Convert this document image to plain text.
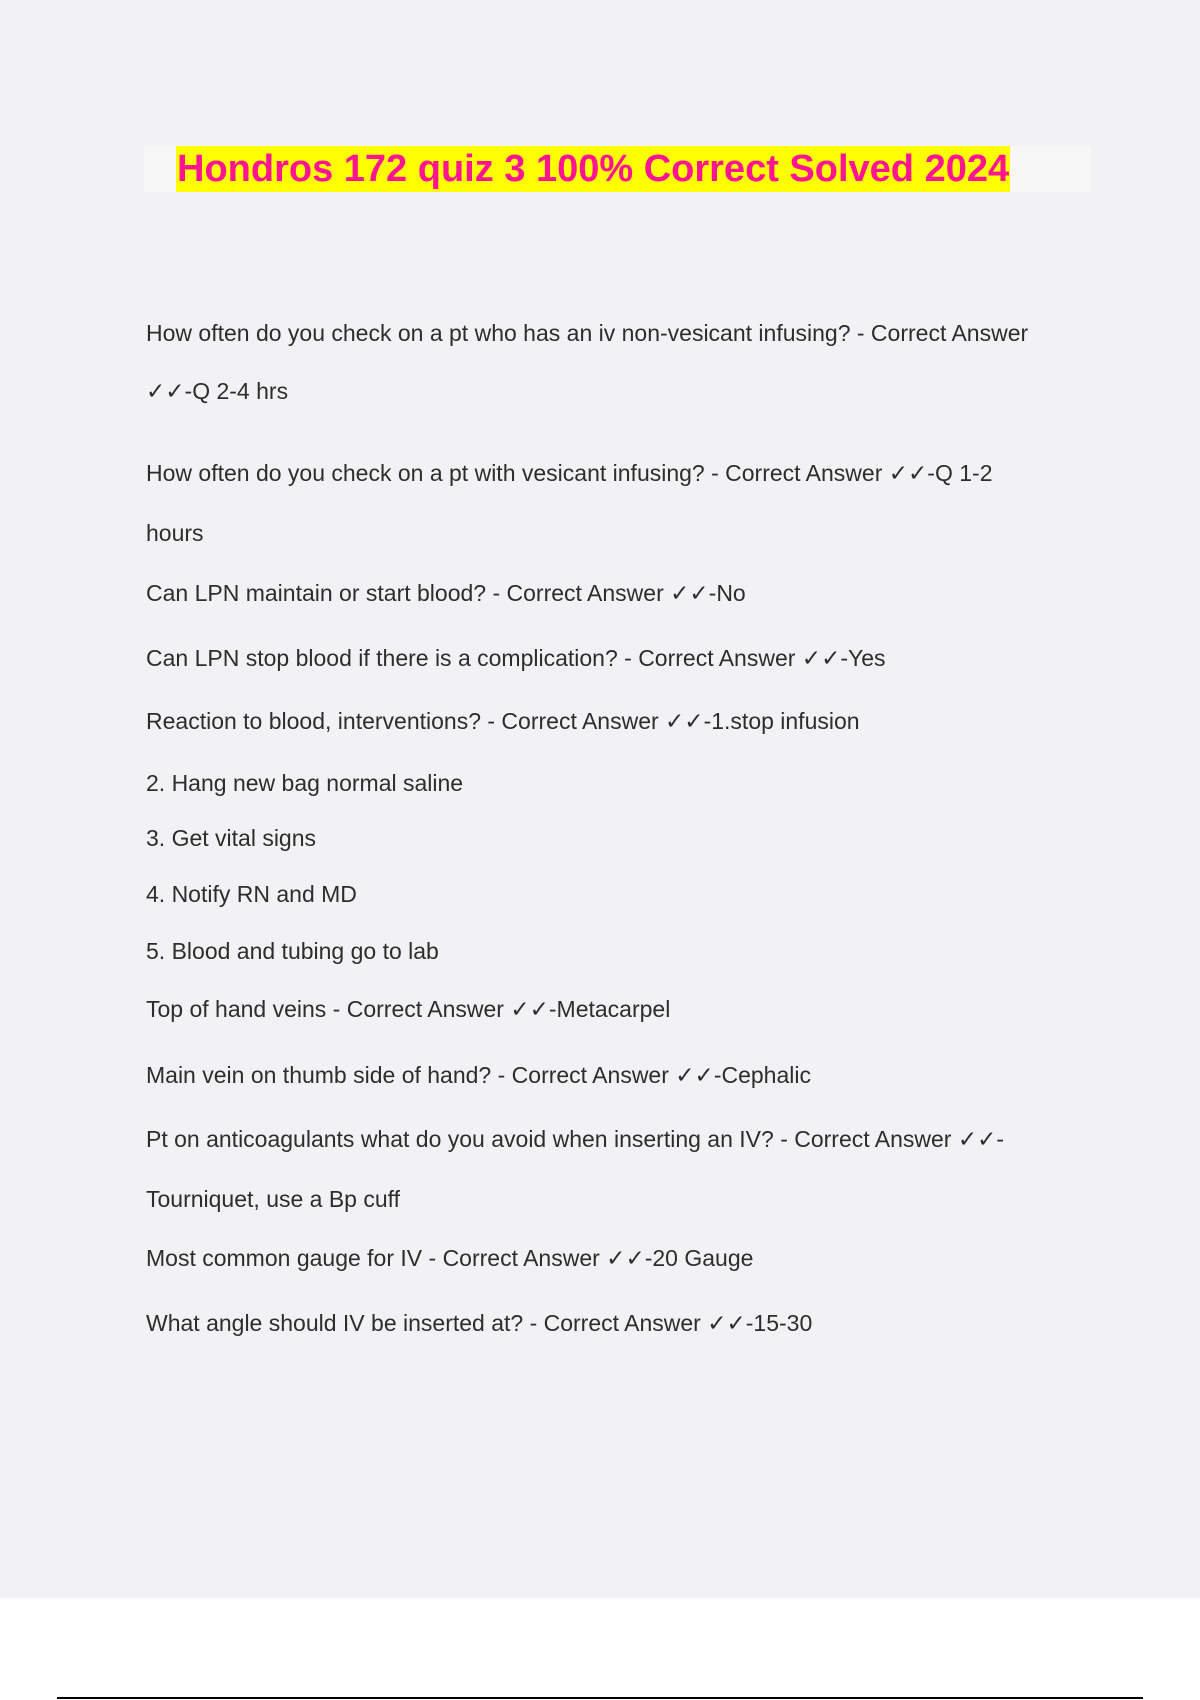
Hondros 172 quiz 3 100% Correct Solved 2024
How often do you check on a pt who has an iv non-vesicant infusing? - Correct Answer
✓✓-Q 2-4 hrs
How often do you check on a pt with vesicant infusing? - Correct Answer ✓✓-Q 1-2
hours
Can LPN maintain or start blood? - Correct Answer ✓✓-No
Can LPN stop blood if there is a complication? - Correct Answer ✓✓-Yes
Reaction to blood, interventions? - Correct Answer ✓✓-1.stop infusion
2. Hang new bag normal saline
3. Get vital signs
4. Notify RN and MD
5. Blood and tubing go to lab
Top of hand veins - Correct Answer ✓✓-Metacarpel
Main vein on thumb side of hand? - Correct Answer ✓✓-Cephalic
Pt on anticoagulants what do you avoid when inserting an IV? - Correct Answer ✓✓-
Tourniquet, use a Bp cuff
Most common gauge for IV - Correct Answer ✓✓-20 Gauge
What angle should IV be inserted at? - Correct Answer ✓✓-15-30
